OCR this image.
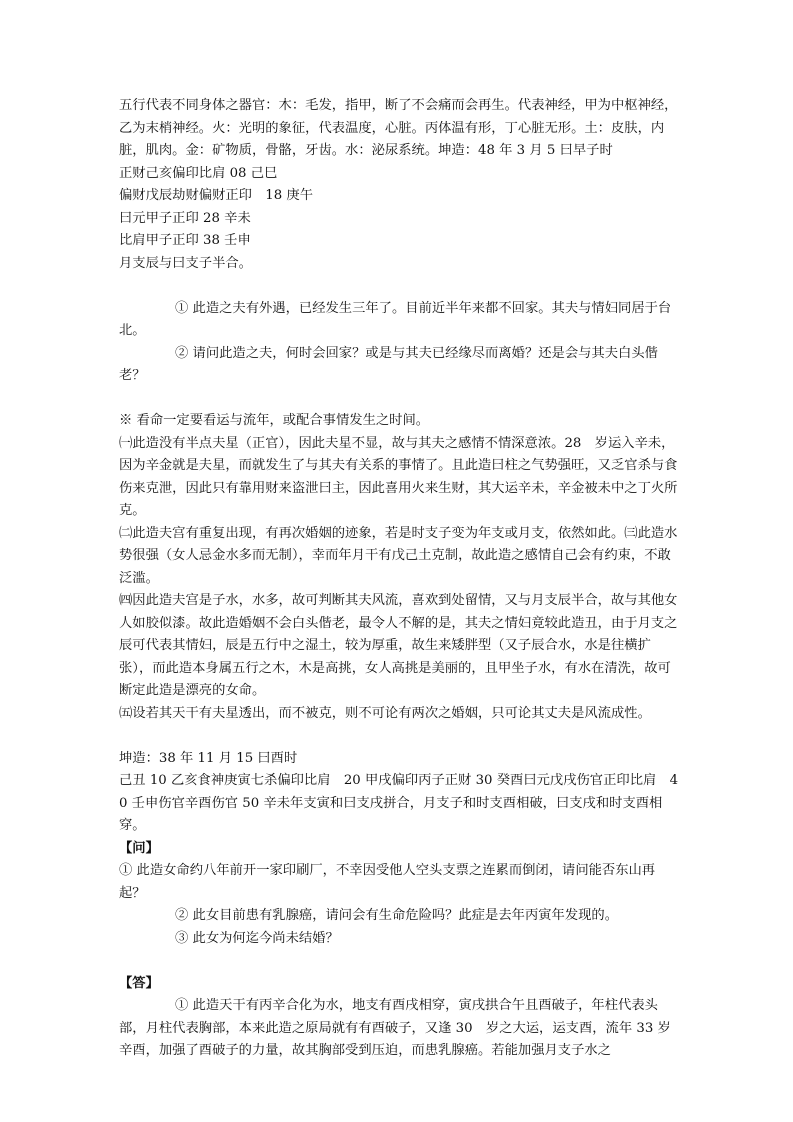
五行代表不同身体之器官：木：毛发，指甲，断了不会痛而会再生。代表神经，甲为中枢神经，乙为末梢神经。火：光明的象征，代表温度，心脏。丙体温有形，丁心脏无形。土：皮肤，内脏，肌肉。金：矿物质，骨骼，牙齿。水：泌尿系统。坤造：48 年 3 月 5 曰早子时

正财己亥偏印比肩 08 己巳

偏财戊辰劫财偏财正印　18 庚午

曰元甲子正印 28 辛未

比肩甲子正印 38 壬申

月支辰与曰支子半合。

① 此造之夫有外遇，已经发生三年了。目前近半年来都不回家。其夫与情妇同居于台北。

② 请问此造之夫，何时会回家？或是与其夫已经缘尽而离婚？还是会与其夫白头偕老？

※ 看命一定要看运与流年，或配合事情发生之时间。

㈠此造没有半点夫星（正官），因此夫星不显，故与其夫之感情不情深意浓。28　岁运入辛未，因为辛金就是夫星，而就发生了与其夫有关系的事情了。且此造曰柱之气势强旺，又乏官杀与食伤来克泄，因此只有靠用财来盗泄曰主，因此喜用火来生财，其大运辛未，辛金被未中之丁火所克。

㈡此造夫宫有重复出现，有再次婚姻的迹象，若是时支子变为年支或月支，依然如此。㈢此造水势很强（女人忌金水多而无制），幸而年月干有戊己土克制，故此造之感情自己会有约束，不敢泛滥。

㈣因此造夫宫是子水，水多，故可判断其夫风流，喜欢到处留情，又与月支辰半合，故与其他女人如胶似漆。故此造婚姻不会白头偕老，最令人不解的是，其夫之情妇竟较此造丑，由于月支之辰可代表其情妇，辰是五行中之湿土，较为厚重，故生来矮胖型（又子辰合水，水是往横扩张），而此造本身属五行之木，木是高挑，女人高挑是美丽的，且甲坐子水，有水在清洗，故可断定此造是漂亮的女命。

㈤设若其天干有夫星透出，而不被克，则不可论有两次之婚姻，只可论其丈夫是风流成性。

坤造：38 年 11 月 15 曰酉时

己丑 10 乙亥食神庚寅七杀偏印比肩　20 甲戌偏印丙子正财 30 癸酉曰元戊戌伤官正印比肩　40 壬申伤官辛酉伤官 50 辛未年支寅和曰支戌拼合，月支子和时支酉相破，曰支戌和时支酉相穿。

【问】

① 此造女命约八年前开一家印刷厂，不幸因受他人空头支票之连累而倒闭，请问能否东山再起？

② 此女目前患有乳腺癌，请问会有生命危险吗？此症是去年丙寅年发现的。

③ 此女为何迄今尚未结婚？

【答】

① 此造天干有丙辛合化为水，地支有酉戌相穿，寅戌拱合午且酉破子，年柱代表头部，月柱代表胸部，本来此造之原局就有有酉破子，又逢 30　岁之大运，运支酉，流年 33 岁辛酉，加强了酉破子的力量，故其胸部受到压迫，而患乳腺癌。若能加强月支子水之
